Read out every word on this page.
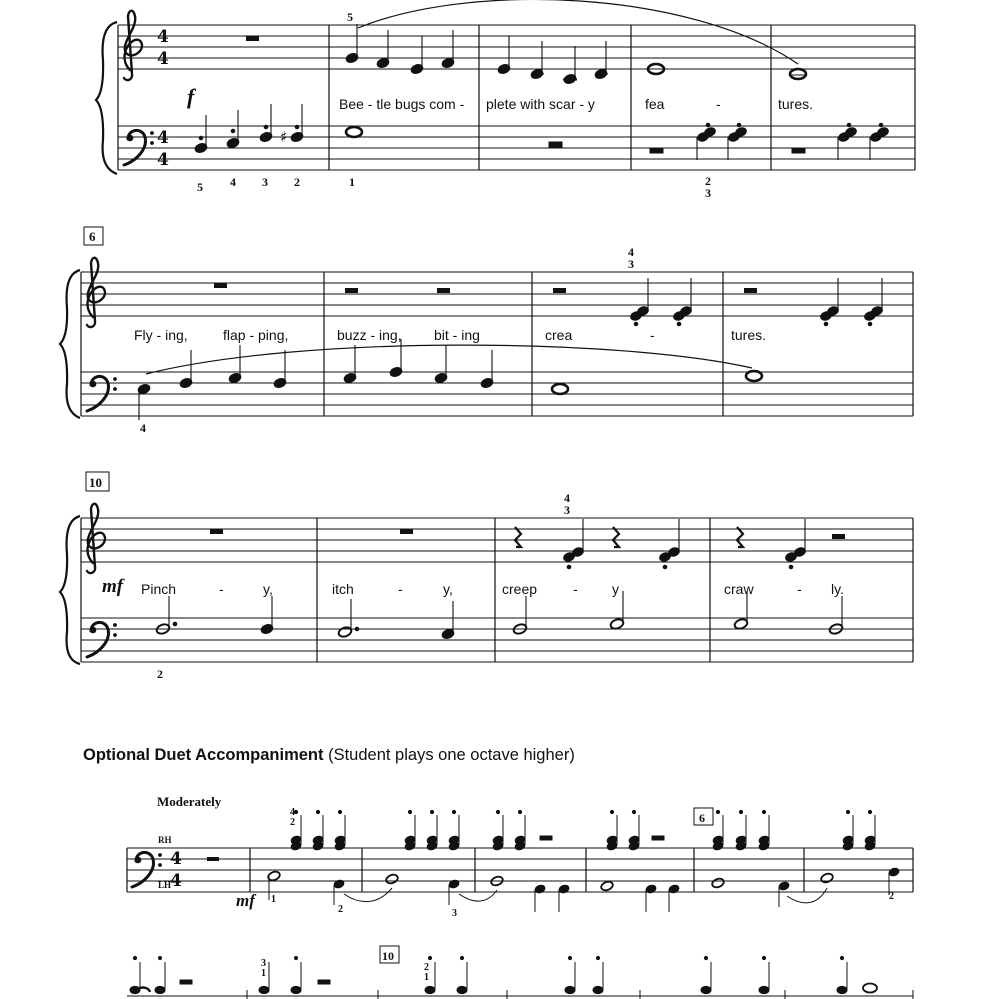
4
4
4
4
f
5
Bee - tle bugs com - plete with scar - y	fea	-	tures.
♯
5 4 3 2	1	2
3
6
4
3
Fly - ing,	flap - ping,	buzz - ing, bit - ing	crea	-	tures.
4
10
mf
4
3
Pinch	-	y,	itch	-	y,	creep	- y	craw	- ly.
2
Moderately
RH
LH
4
4
mf
6
4
2
1
2	3
2
10
3
1
2
1
Optional Duet Accompaniment (Student plays one octave higher)
